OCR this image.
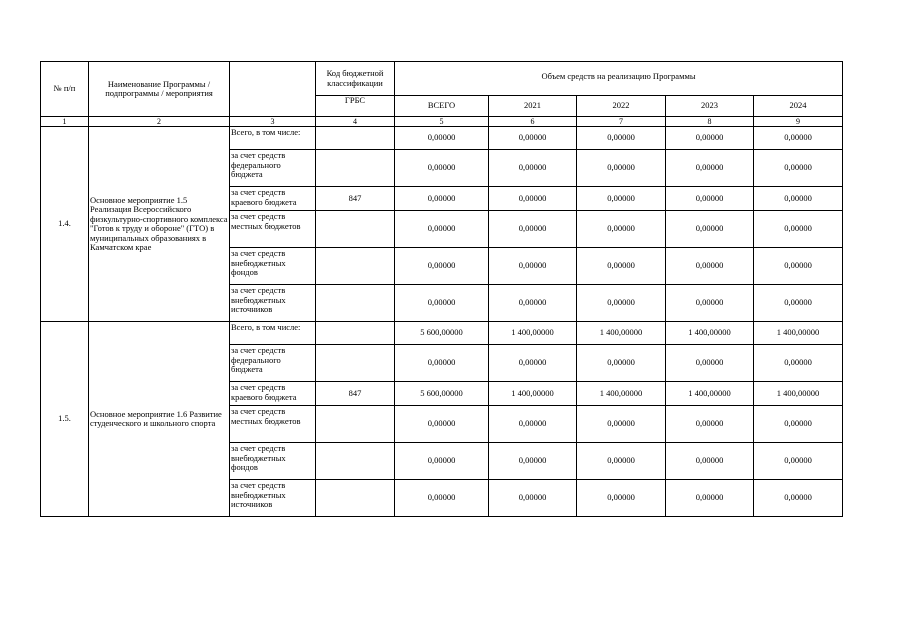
№ п/п	Наименование Программы / подпрограммы / мероприятия		Код бюджетной классификации	Объем средств на реализацию Программы				
			ГРБС	ВСЕГО	2021	2022	2023	2024
1	2	3	4	5	6	7	8	9
1.4.	Основное мероприятие 1.5 Реализация Всероссийского физкультурно-спортивного комплекса "Готов к труду и обороне" (ГТО) в муниципальных образованиях в Камчатском крае	Всего, в том числе:		0,00000	0,00000	0,00000	0,00000	0,00000
		за счет средств федерального бюджета		0,00000	0,00000	0,00000	0,00000	0,00000
		за счет средств краевого бюджета	847	0,00000	0,00000	0,00000	0,00000	0,00000
		за счет средств местных бюджетов		0,00000	0,00000	0,00000	0,00000	0,00000
		за счет средств внебюджетных фондов		0,00000	0,00000	0,00000	0,00000	0,00000
		за счет средств внебюджетных источников		0,00000	0,00000	0,00000	0,00000	0,00000
1.5.	Основное мероприятие 1.6 Развитие студенческого и школьного спорта	Всего, в том числе:		5 600,00000	1 400,00000	1 400,00000	1 400,00000	1 400,00000
		за счет средств федерального бюджета		0,00000	0,00000	0,00000	0,00000	0,00000
		за счет средств краевого бюджета	847	5 600,00000	1 400,00000	1 400,00000	1 400,00000	1 400,00000
		за счет средств местных бюджетов		0,00000	0,00000	0,00000	0,00000	0,00000
		за счет средств внебюджетных фондов		0,00000	0,00000	0,00000	0,00000	0,00000
		за счет средств внебюджетных источников		0,00000	0,00000	0,00000	0,00000	0,00000
